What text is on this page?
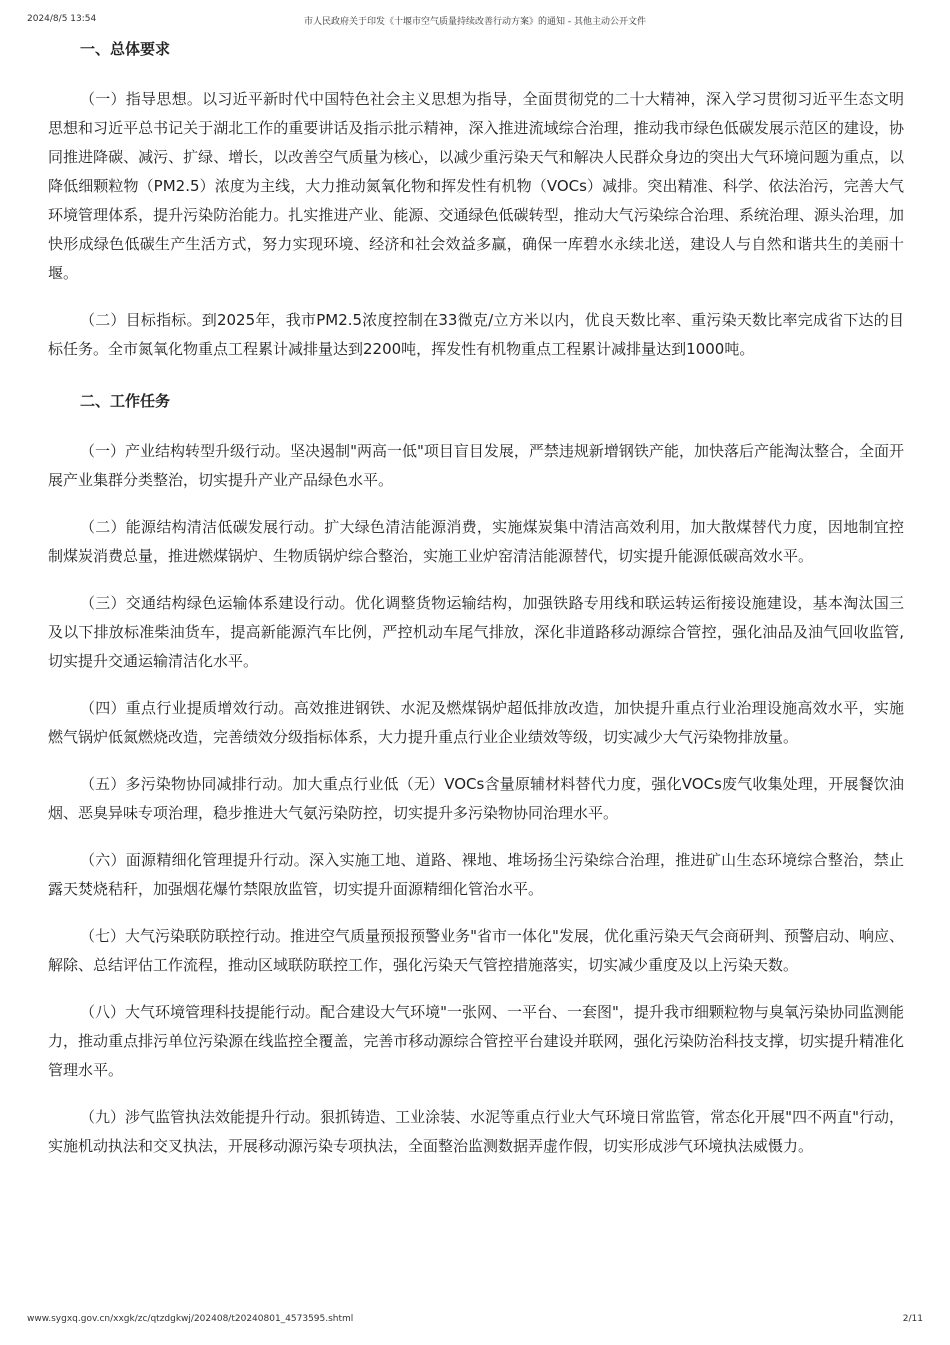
2024/8/5 13:54	市人民政府关于印发《十堰市空气质量持续改善行动方案》的通知 - 其他主动公开文件
一、总体要求

（一）指导思想。以习近平新时代中国特色社会主义思想为指导，全面贯彻党的二十大精神，深入学习贯彻习近平生态文明思想和习近平总书记关于湖北工作的重要讲话及指示批示精神，深入推进流域综合治理，推动我市绿色低碳发展示范区的建设，协同推进降碳、减污、扩绿、增长，以改善空气质量为核心，以减少重污染天气和解决人民群众身边的突出大气环境问题为重点，以降低细颗粒物（PM2.5）浓度为主线，大力推动氮氧化物和挥发性有机物（VOCs）减排。突出精准、科学、依法治污，完善大气环境管理体系，提升污染防治能力。扎实推进产业、能源、交通绿色低碳转型，推动大气污染综合治理、系统治理、源头治理，加快形成绿色低碳生产生活方式，努力实现环境、经济和社会效益多赢，确保一库碧水永续北送，建设人与自然和谐共生的美丽十堰。

（二）目标指标。到2025年，我市PM2.5浓度控制在33微克/立方米以内，优良天数比率、重污染天数比率完成省下达的目标任务。全市氮氧化物重点工程累计减排量达到2200吨，挥发性有机物重点工程累计减排量达到1000吨。

二、工作任务

（一）产业结构转型升级行动。坚决遏制"两高一低"项目盲目发展，严禁违规新增钢铁产能，加快落后产能淘汰整合，全面开展产业集群分类整治，切实提升产业产品绿色水平。

（二）能源结构清洁低碳发展行动。扩大绿色清洁能源消费，实施煤炭集中清洁高效利用，加大散煤替代力度，因地制宜控制煤炭消费总量，推进燃煤锅炉、生物质锅炉综合整治，实施工业炉窑清洁能源替代，切实提升能源低碳高效水平。

（三）交通结构绿色运输体系建设行动。优化调整货物运输结构，加强铁路专用线和联运转运衔接设施建设，基本淘汰国三及以下排放标准柴油货车，提高新能源汽车比例，严控机动车尾气排放，深化非道路移动源综合管控，强化油品及油气回收监管,切实提升交通运输清洁化水平。

（四）重点行业提质增效行动。高效推进钢铁、水泥及燃煤锅炉超低排放改造，加快提升重点行业治理设施高效水平，实施燃气锅炉低氮燃烧改造，完善绩效分级指标体系，大力提升重点行业企业绩效等级，切实减少大气污染物排放量。

（五）多污染物协同减排行动。加大重点行业低（无）VOCs含量原辅材料替代力度，强化VOCs废气收集处理，开展餐饮油烟、恶臭异味专项治理，稳步推进大气氨污染防控，切实提升多污染物协同治理水平。

（六）面源精细化管理提升行动。深入实施工地、道路、裸地、堆场扬尘污染综合治理，推进矿山生态环境综合整治，禁止露天焚烧秸秆，加强烟花爆竹禁限放监管，切实提升面源精细化管治水平。

（七）大气污染联防联控行动。推进空气质量预报预警业务"省市一体化"发展，优化重污染天气会商研判、预警启动、响应、解除、总结评估工作流程，推动区域联防联控工作，强化污染天气管控措施落实，切实减少重度及以上污染天数。

（八）大气环境管理科技提能行动。配合建设大气环境"一张网、一平台、一套图"，提升我市细颗粒物与臭氧污染协同监测能力，推动重点排污单位污染源在线监控全覆盖，完善市移动源综合管控平台建设并联网，强化污染防治科技支撑，切实提升精准化管理水平。

（九）涉气监管执法效能提升行动。狠抓铸造、工业涂装、水泥等重点行业大气环境日常监管，常态化开展"四不两直"行动，实施机动执法和交叉执法，开展移动源污染专项执法，全面整治监测数据弄虚作假，切实形成涉气环境执法威慑力。

www.sygxq.gov.cn/xxgk/zc/qtzdgkwj/202408/t20240801_4573595.shtml	2/11
